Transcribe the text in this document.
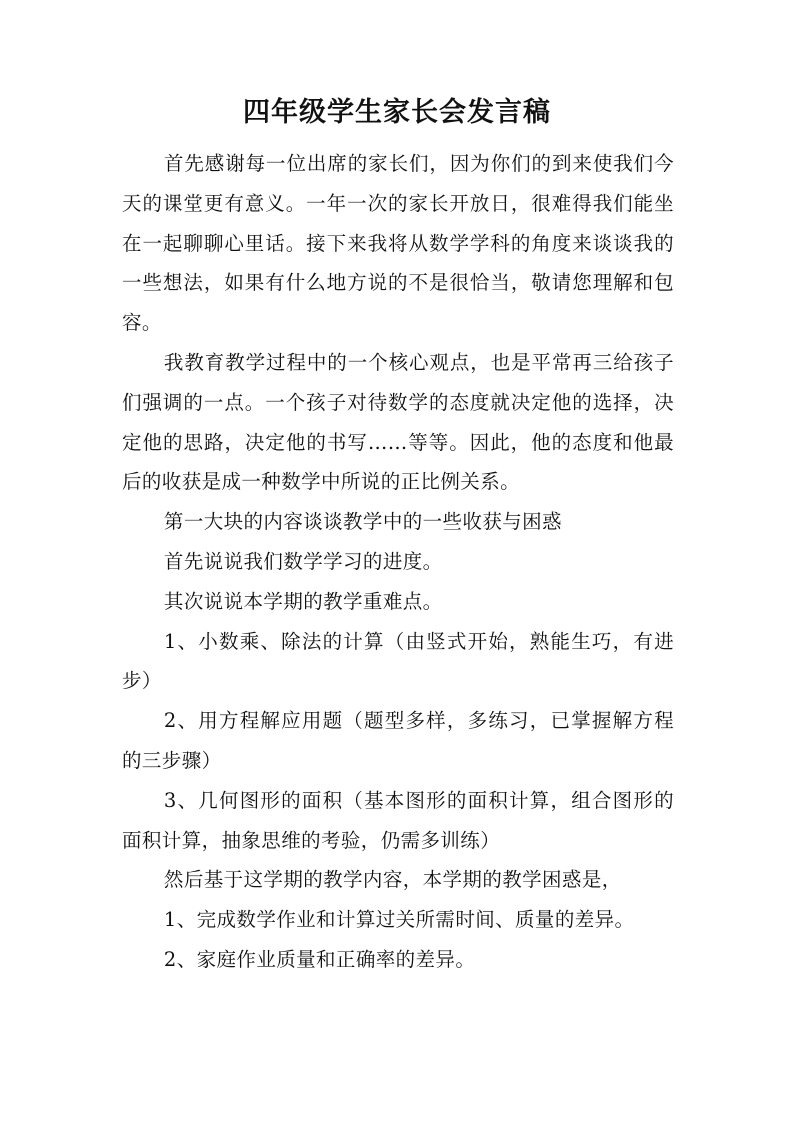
四年级学生家长会发言稿

首先感谢每一位出席的家长们，因为你们的到来使我们今天的课堂更有意义。一年一次的家长开放日，很难得我们能坐在一起聊聊心里话。接下来我将从数学学科的角度来谈谈我的一些想法，如果有什么地方说的不是很恰当，敬请您理解和包容。

我教育教学过程中的一个核心观点，也是平常再三给孩子们强调的一点。一个孩子对待数学的态度就决定他的选择，决定他的思路，决定他的书写……等等。因此，他的态度和他最后的收获是成一种数学中所说的正比例关系。

第一大块的内容谈谈教学中的一些收获与困惑

首先说说我们数学学习的进度。

其次说说本学期的教学重难点。

1、小数乘、除法的计算（由竖式开始，熟能生巧，有进步）

2、用方程解应用题（题型多样，多练习，已掌握解方程的三步骤）

3、几何图形的面积（基本图形的面积计算，组合图形的面积计算，抽象思维的考验，仍需多训练）

然后基于这学期的教学内容，本学期的教学困惑是，

1、完成数学作业和计算过关所需时间、质量的差异。

2、家庭作业质量和正确率的差异。
